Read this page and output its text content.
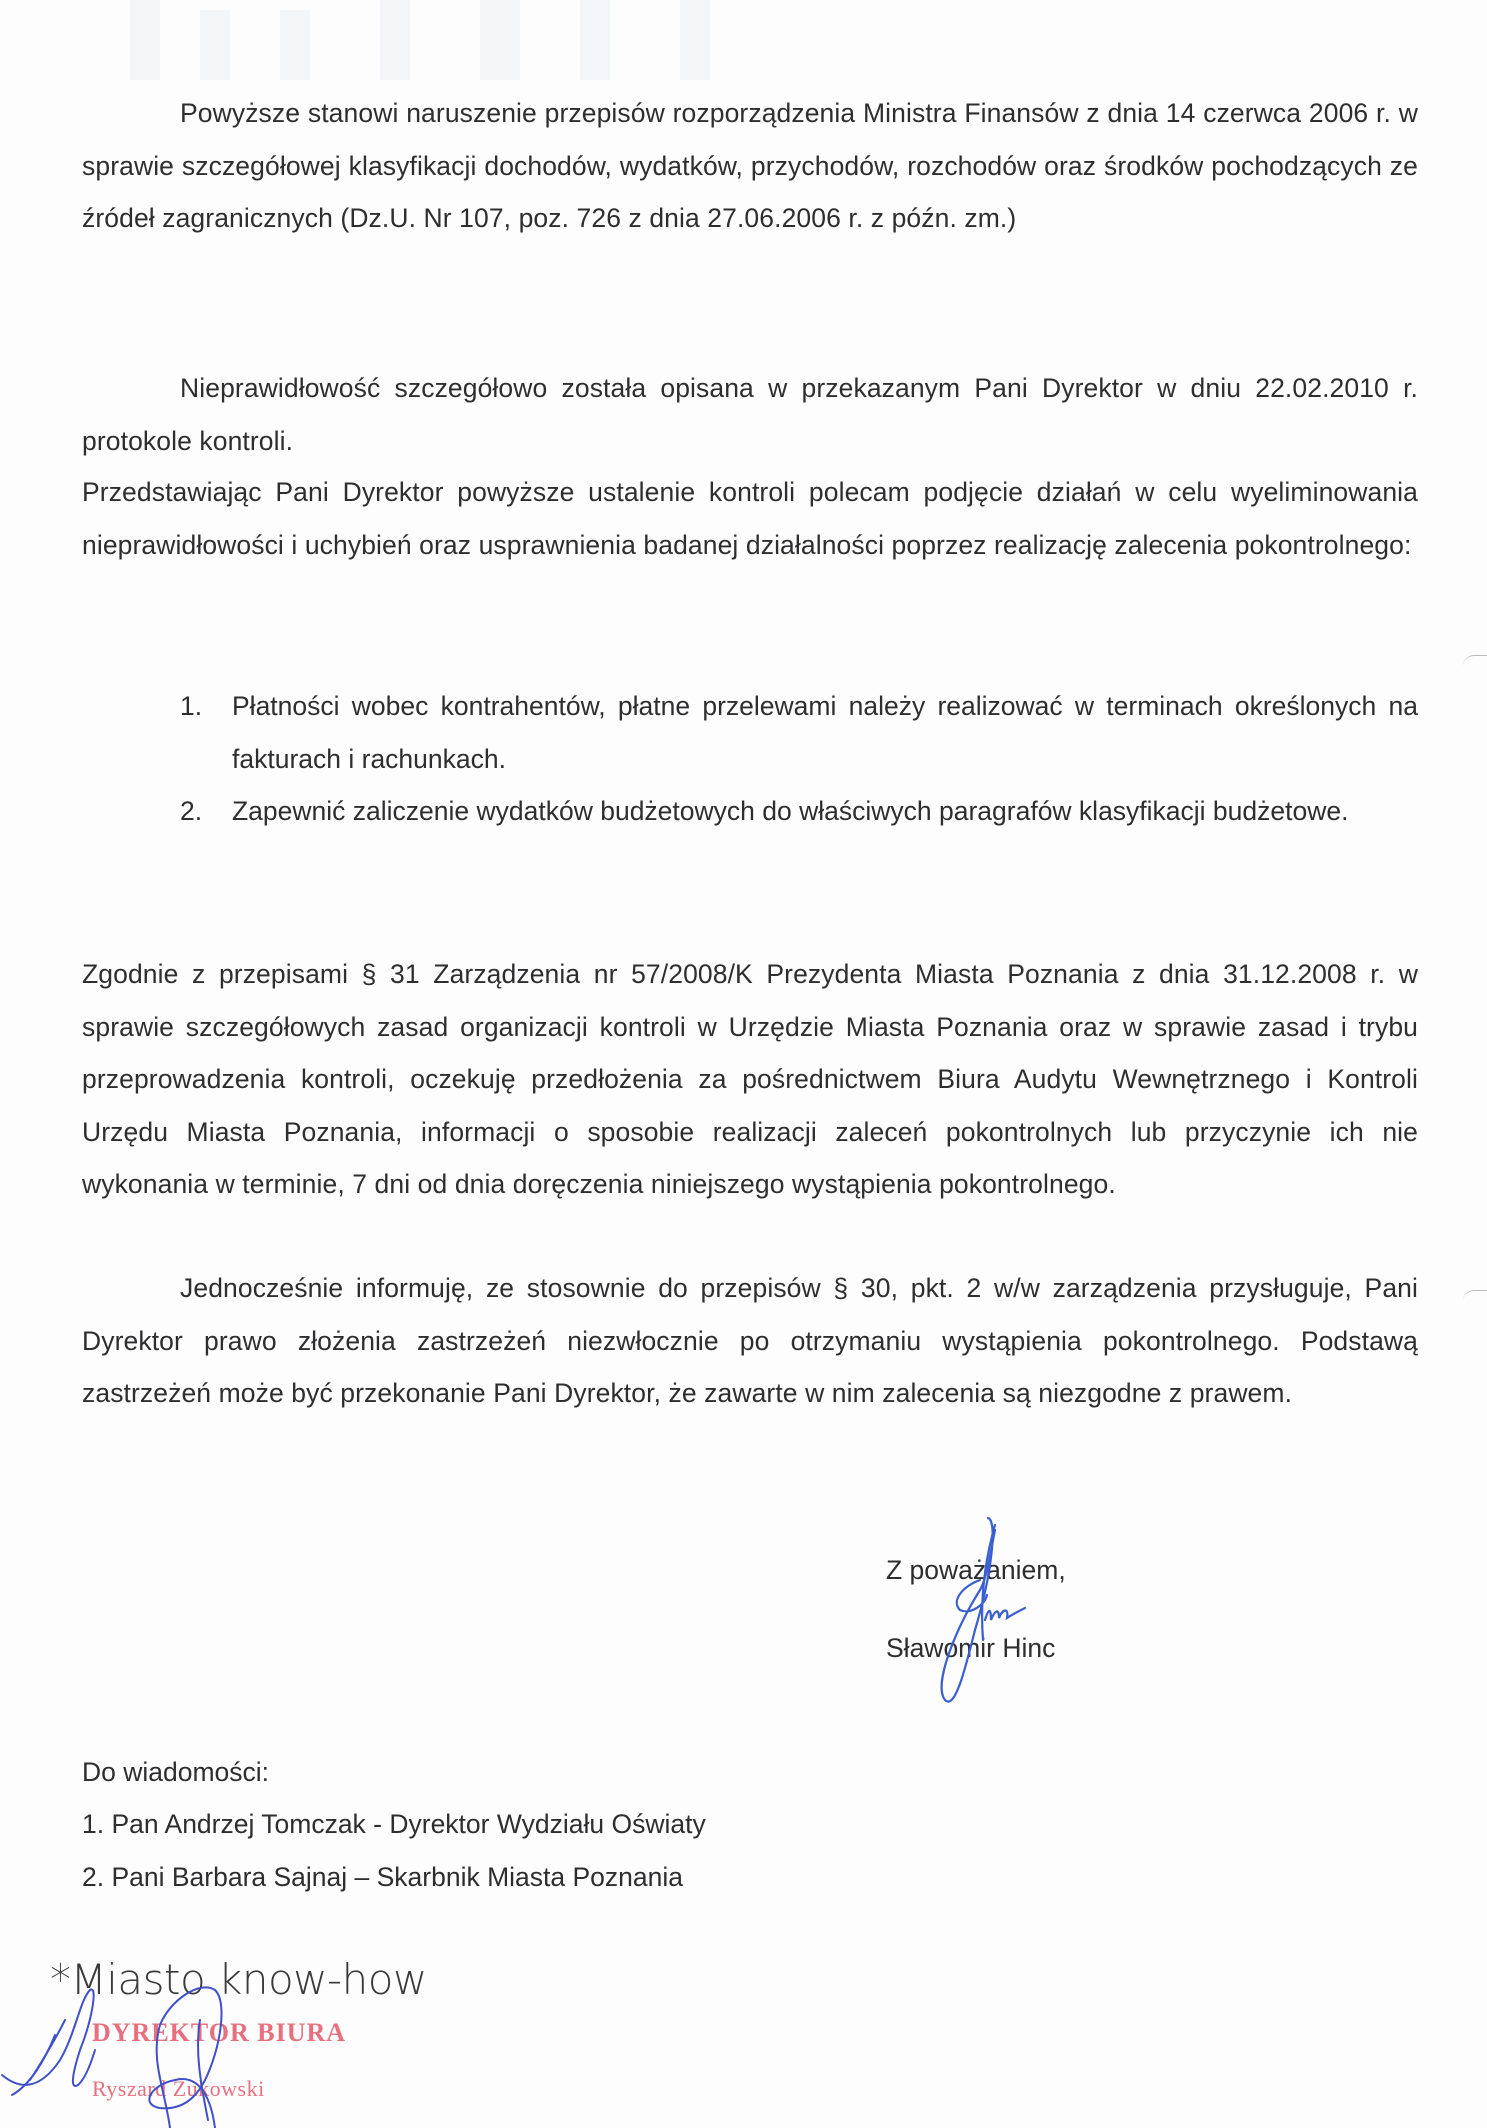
Powyższe stanowi naruszenie przepisów rozporządzenia Ministra Finansów z dnia 14 czerwca 2006 r. w sprawie szczegółowej klasyfikacji dochodów, wydatków, przychodów, rozchodów oraz środków pochodzących ze źródeł zagranicznych (Dz.U. Nr 107, poz. 726 z dnia 27.06.2006 r. z późn. zm.)

Nieprawidłowość szczegółowo została opisana w przekazanym Pani Dyrektor w dniu 22.02.2010 r. protokole kontroli.

Przedstawiając Pani Dyrektor powyższe ustalenie kontroli polecam podjęcie działań w celu wyeliminowania nieprawidłowości i uchybień oraz usprawnienia badanej działalności poprzez realizację zalecenia pokontrolnego:

1. Płatności wobec kontrahentów, płatne przelewami należy realizować w terminach określonych na fakturach i rachunkach.
2. Zapewnić zaliczenie wydatków budżetowych do właściwych paragrafów klasyfikacji budżetowe.

Zgodnie z przepisami § 31 Zarządzenia nr 57/2008/K Prezydenta Miasta Poznania z dnia 31.12.2008 r. w sprawie szczegółowych zasad organizacji kontroli w Urzędzie Miasta Poznania oraz w sprawie zasad i trybu przeprowadzenia kontroli, oczekuję przedłożenia za pośrednictwem Biura Audytu Wewnętrznego i Kontroli Urzędu Miasta Poznania, informacji o sposobie realizacji zaleceń pokontrolnych lub przyczynie ich nie wykonania w terminie, 7 dni od dnia doręczenia niniejszego wystąpienia pokontrolnego.

Jednocześnie informuję, ze stosownie do przepisów § 30, pkt. 2 w/w zarządzenia przysługuje, Pani Dyrektor prawo złożenia zastrzeżeń niezwłocznie po otrzymaniu wystąpienia pokontrolnego. Podstawą zastrzeżeń może być przekonanie Pani Dyrektor, że zawarte w nim zalecenia są niezgodne z prawem.

Z poważaniem,
Sławomir Hinc
Do wiadomości:
1. Pan Andrzej Tomczak - Dyrektor Wydziału Oświaty
2. Pani Barbara Sajnaj – Skarbnik Miasta Poznania
*Miasto know-how
DYREKTOR BIURA
Ryszard Żukowski
